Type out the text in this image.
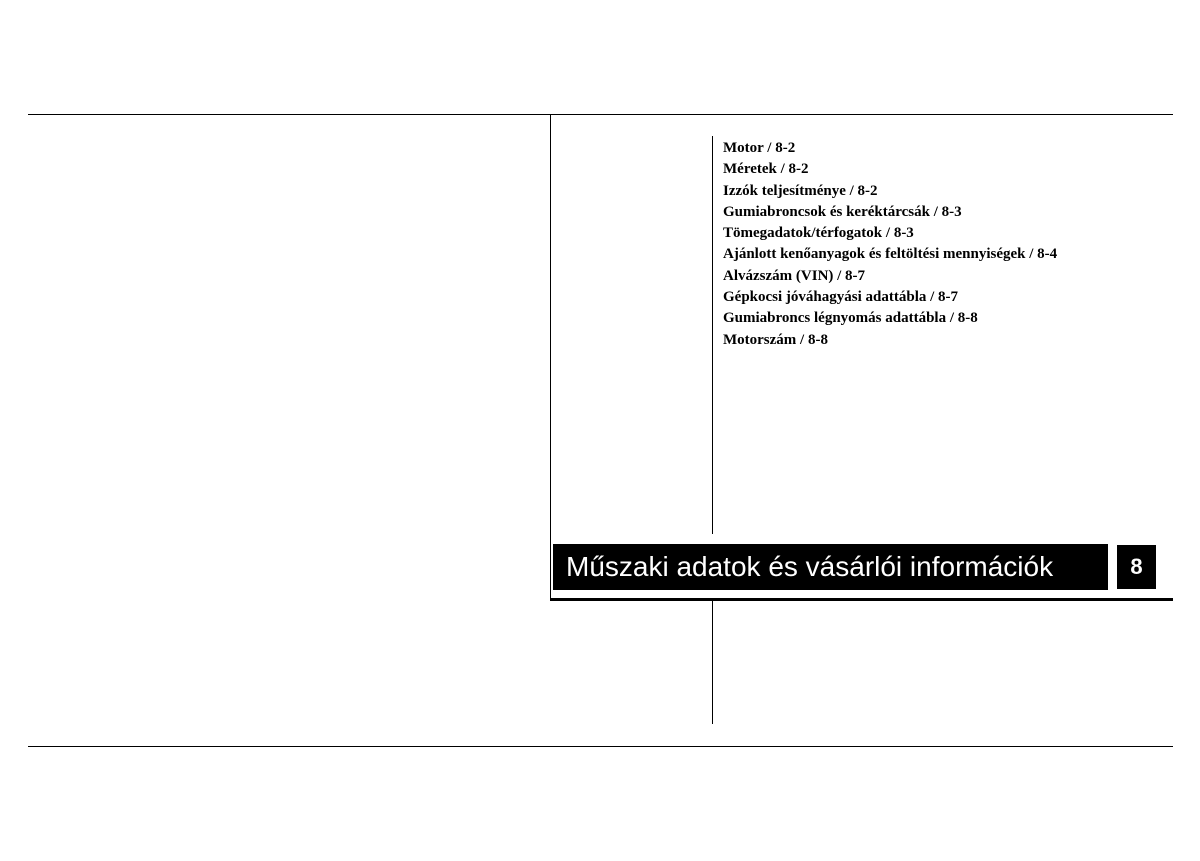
Motor / 8-2
Méretek / 8-2
Izzók teljesítménye / 8-2
Gumiabroncsok és keréktárcsák / 8-3
Tömegadatok/térfogatok / 8-3
Ajánlott kenőanyagok és feltöltési mennyiségek / 8-4
Alvázszám (VIN) / 8-7
Gépkocsi jóváhagyási adattábla / 8-7
Gumiabroncs légnyomás adattábla / 8-8
Motorszám / 8-8
Műszaki adatok és vásárlói információk	8
